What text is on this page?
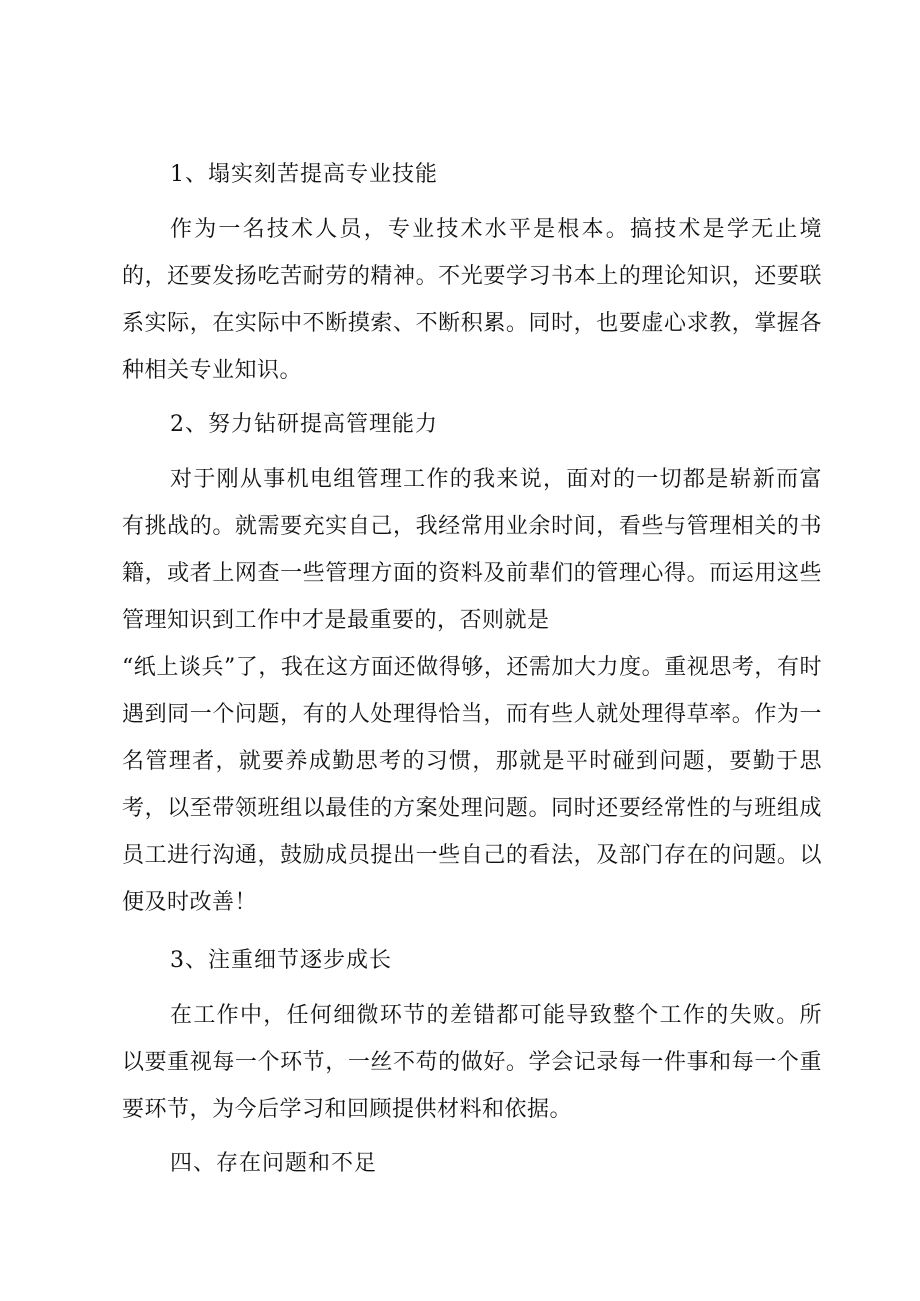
1、塌实刻苦提高专业技能

作为一名技术人员，专业技术水平是根本。搞技术是学无止境的，还要发扬吃苦耐劳的精神。不光要学习书本上的理论知识，还要联系实际，在实际中不断摸索、不断积累。同时，也要虚心求教，掌握各种相关专业知识。

2、努力钻研提高管理能力

对于刚从事机电组管理工作的我来说，面对的一切都是崭新而富有挑战的。就需要充实自己，我经常用业余时间，看些与管理相关的书籍，或者上网查一些管理方面的资料及前辈们的管理心得。而运用这些管理知识到工作中才是最重要的，否则就是

“纸上谈兵”了，我在这方面还做得够，还需加大力度。重视思考，有时遇到同一个问题，有的人处理得恰当，而有些人就处理得草率。作为一名管理者，就要养成勤思考的习惯，那就是平时碰到问题，要勤于思考，以至带领班组以最佳的方案处理问题。同时还要经常性的与班组成员工进行沟通，鼓励成员提出一些自己的看法，及部门存在的问题。以便及时改善！

3、注重细节逐步成长

在工作中，任何细微环节的差错都可能导致整个工作的失败。所以要重视每一个环节，一丝不苟的做好。学会记录每一件事和每一个重要环节，为今后学习和回顾提供材料和依据。

四、存在问题和不足
